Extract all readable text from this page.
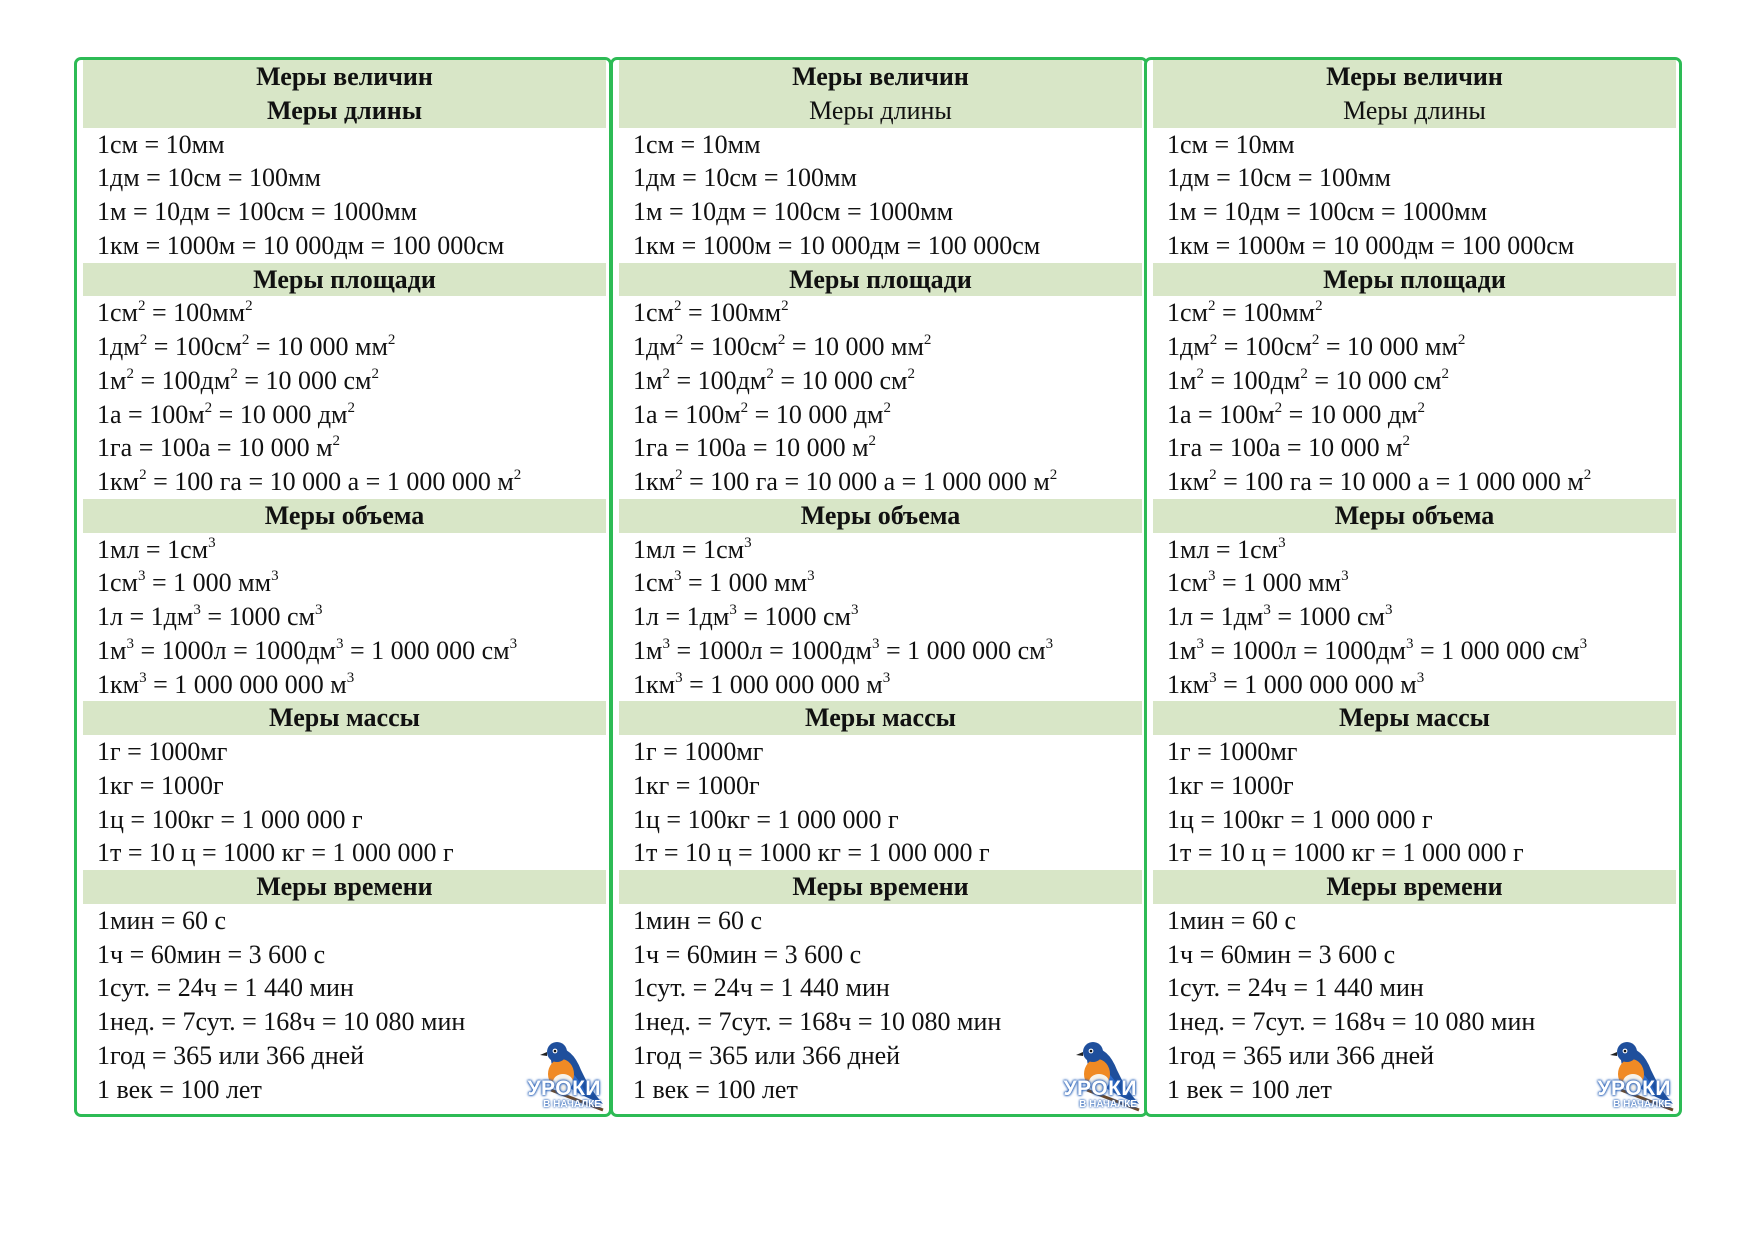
Меры величин
Меры длины
1см = 10мм
1дм = 10см = 100мм
1м = 10дм = 100см = 1000мм
1км = 1000м = 10 000дм = 100 000см
Меры площади
$1см^2 = 100мм^2$
$1дм^2 = 100см^2 = 10$ 000 $мм^2$
$1м^2 = 100дм^2 = 10$ 000 $см^2$
$1а = 100м^2 = 10$ 000 $дм^2$
1га = 100а = 10 000 $м^2$
$1км^2 = 100$ га = 10 000 а = 1 000 000 $м^2$
Меры объема
$1мл = 1см^3$
$1см^3 = 1$ 000 $мм^3$
$1л = 1дм^3 = 1000$ $см^3$
$1м^3 = 1000л = 1000дм^3 = 1$ 000 000 $см^3$
$1км^3 = 1$ 000 000 000 $м^3$
Меры массы
1г = 1000мг
1кг = 1000г
1ц = 100кг = 1 000 000 г
1т = 10 ц = 1000 кг = 1 000 000 г
Меры времени
1мин = 60 с
1ч = 60мин = 3 600 с
1сут. = 24ч = 1 440 мин
1нед. = 7сут. = 168ч = 10 080 мин
1год = 365 или 366 дней
1 век = 100 лет	УРОКИ
В НАЧАЛКЕ
Меры величин
Меры длины
1см = 10мм
1дм = 10см = 100мм
1м = 10дм = 100см = 1000мм
1км = 1000м = 10 000дм = 100 000см
Меры площади
$1см^2 = 100мм^2$
$1дм^2 = 100см^2 = 10$ 000 $мм^2$
$1м^2 = 100дм^2 = 10$ 000 $см^2$
$1а = 100м^2 = 10$ 000 $дм^2$
1га = 100а = 10 000 $м^2$
$1км^2 = 100$ га = 10 000 а = 1 000 000 $м^2$
Меры объема
$1мл = 1см^3$
$1см^3 = 1$ 000 $мм^3$
$1л = 1дм^3 = 1000$ $см^3$
$1м^3 = 1000л = 1000дм^3 = 1$ 000 000 $см^3$
$1км^3 = 1$ 000 000 000 $м^3$
Меры массы
1г = 1000мг
1кг = 1000г
1ц = 100кг = 1 000 000 г
1т = 10 ц = 1000 кг = 1 000 000 г
Меры времени
1мин = 60 с
1ч = 60мин = 3 600 с
1сут. = 24ч = 1 440 мин
1нед. = 7сут. = 168ч = 10 080 мин
1год = 365 или 366 дней
1 век = 100 лет	УРОКИ
В НАЧАЛКЕ
Меры величин
Меры длины
1см = 10мм
1дм = 10см = 100мм
1м = 10дм = 100см = 1000мм
1км = 1000м = 10 000дм = 100 000см
Меры площади
$1см^2 = 100мм^2$
$1дм^2 = 100см^2 = 10$ 000 $мм^2$
$1м^2 = 100дм^2 = 10$ 000 $см^2$
$1а = 100м^2 = 10$ 000 $дм^2$
1га = 100а = 10 000 $м^2$
$1км^2 = 100$ га = 10 000 а = 1 000 000 $м^2$
Меры объема
$1мл = 1см^3$
$1см^3 = 1$ 000 $мм^3$
$1л = 1дм^3 = 1000$ $см^3$
$1м^3 = 1000л = 1000дм^3 = 1$ 000 000 $см^3$
$1км^3 = 1$ 000 000 000 $м^3$
Меры массы
1г = 1000мг
1кг = 1000г
1ц = 100кг = 1 000 000 г
1т = 10 ц = 1000 кг = 1 000 000 г
Меры времени
1мин = 60 с
1ч = 60мин = 3 600 с
1сут. = 24ч = 1 440 мин
1нед. = 7сут. = 168ч = 10 080 мин
1год = 365 или 366 дней
1 век = 100 лет	УРОКИ
В НАЧАЛКЕ
